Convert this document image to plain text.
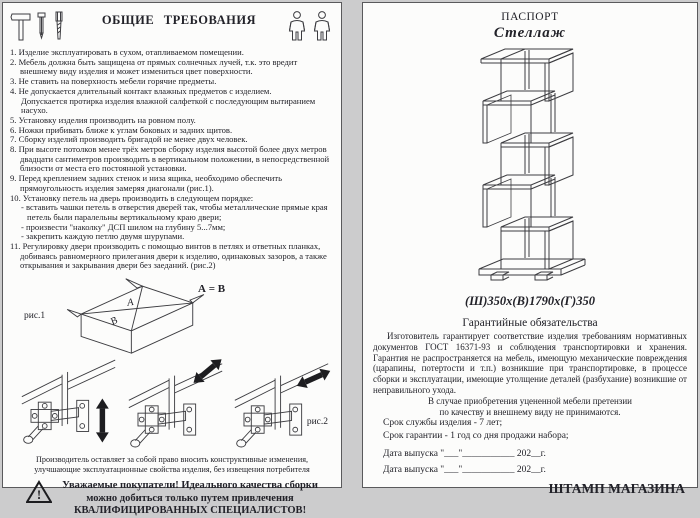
ОБЩИЕ ТРЕБОВАНИЯ
1. Изделие эксплуатировать в сухом, отапливаемом помещении.
2. Мебель должна быть защищена от прямых солнечных лучей, т.к. это вредит внешнему виду изделия и может измениться цвет поверхности.
3. Не ставить на поверхность мебели горячие предметы.
4. Не допускается длительный контакт влажных предметов с изделием.
Допускается протирка изделия влажной салфеткой с последующим вытиранием насухо.
5. Установку изделия производить на ровном полу.
6. Ножки прибивать ближе к углам боковых и задних щитов.
7. Сборку изделий производить бригадой не менее двух человек.
8. При высоте потолков менее трёх метров сборку изделия высотой более двух метров двадцати сантиметров производить в вертикальном положении, в непосредственной близости от места его постоянной установки.
9. Перед креплением задних стенок и низа ящика, необходимо обеспечить прямоугольность изделия замеряя диагонали (рис.1).
10. Установку петель на дверь производить в следующем порядке:
- вставить чашки петель в отверстия дверей так, чтобы металлические прямые края петель были паралельны вертикальному краю двери;
- произвести "наколку" ДСП шилом на глубину 5...7мм;
- закрепить каждую петлю двумя шурупами.
11. Регулировку двери производить с помощью винтов в петлях и ответных планках, добиваясь равномерного прилегания двери к изделию, одинаковых зазоров, а также открывания и закрывания двери без заеданий. (рис.2)
рис.1
А = В
А
В
рис.2
Производитель оставляет за собой право вносить конструктивные изменения,
улучшающие эксплуатационные свойства изделия, без извещения потребителя
!
Уважаемые покупатели! Идеального качества сборки
можно добиться только путем привлечения
КВАЛИФИЦИРОВАННЫХ СПЕЦИАЛИСТОВ!
ПАСПОРТ
Стеллаж
(Ш)350х(В)1790х(Г)350
Гарантийные обязательства
Изготовитель гарантирует соответствие изделия требованиям нормативных документов ГОСТ 16371-93 и соблюдения транспортировки и хранения. Гарантия не распространяется на мебель, имеющую механические повреждения (царапины, потертости и т.п.) возникшие при транспортировке, в процессе сборки и эксплуатации, имеющие утолщение деталей (разбухание) возникшие от неправильного ухода.
В случае приобретения уцененной мебели претензии
по качеству и внешнему виду не принимаются.
Срок службы изделия - 7 лет;
Срок гарантии - 1 год со дня продажи набора;
Дата выпуска "___"___________ 202__г.
Дата выпуска "___"___________ 202__г.
ШТАМП МАГАЗИНА
